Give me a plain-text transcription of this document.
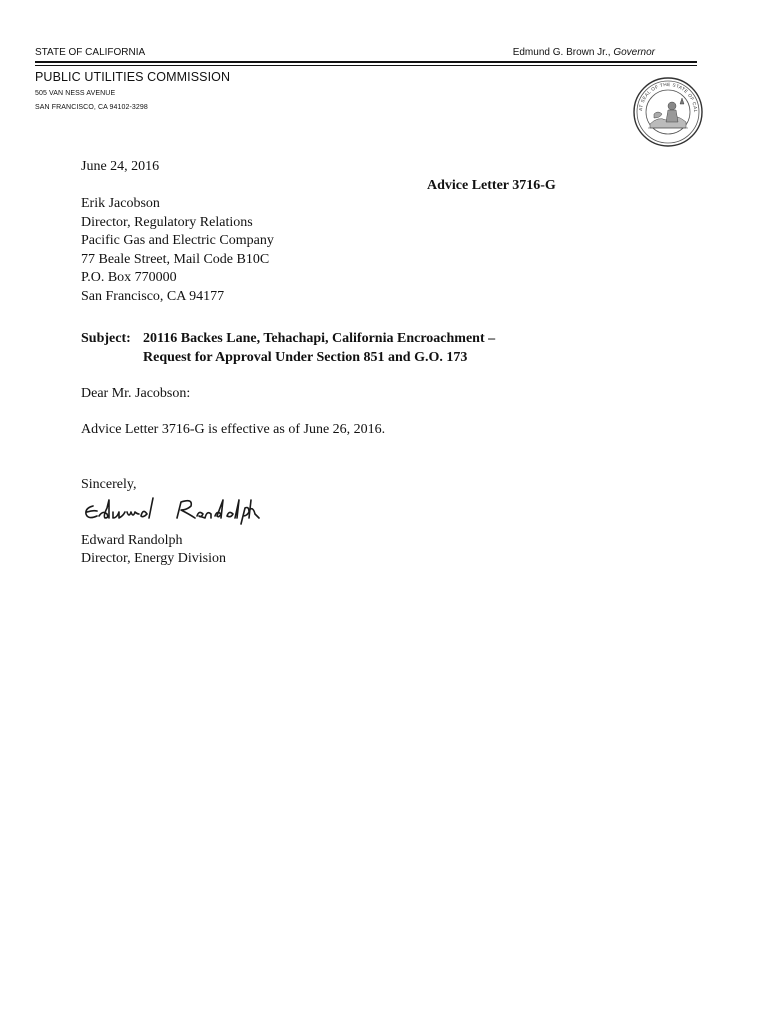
STATE OF CALIFORNIA	Edmund G. Brown Jr., Governor
PUBLIC UTILITIES COMMISSION
505 VAN NESS AVENUE
SAN FRANCISCO, CA 94102-3298	AT SEAL OF THE STATE OF CAL
June 24, 2016
Advice Letter 3716-G
Erik Jacobson
Director, Regulatory Relations
Pacific Gas and Electric Company
77 Beale Street, Mail Code B10C
P.O. Box 770000
San Francisco, CA 94177
Subject: 20116 Backes Lane, Tehachapi, California Encroachment –
Request for Approval Under Section 851 and G.O. 173
Dear Mr. Jacobson:
Advice Letter 3716-G is effective as of June 26, 2016.
Sincerely,
Edward Randolph
Edward Randolph
Director, Energy Division
